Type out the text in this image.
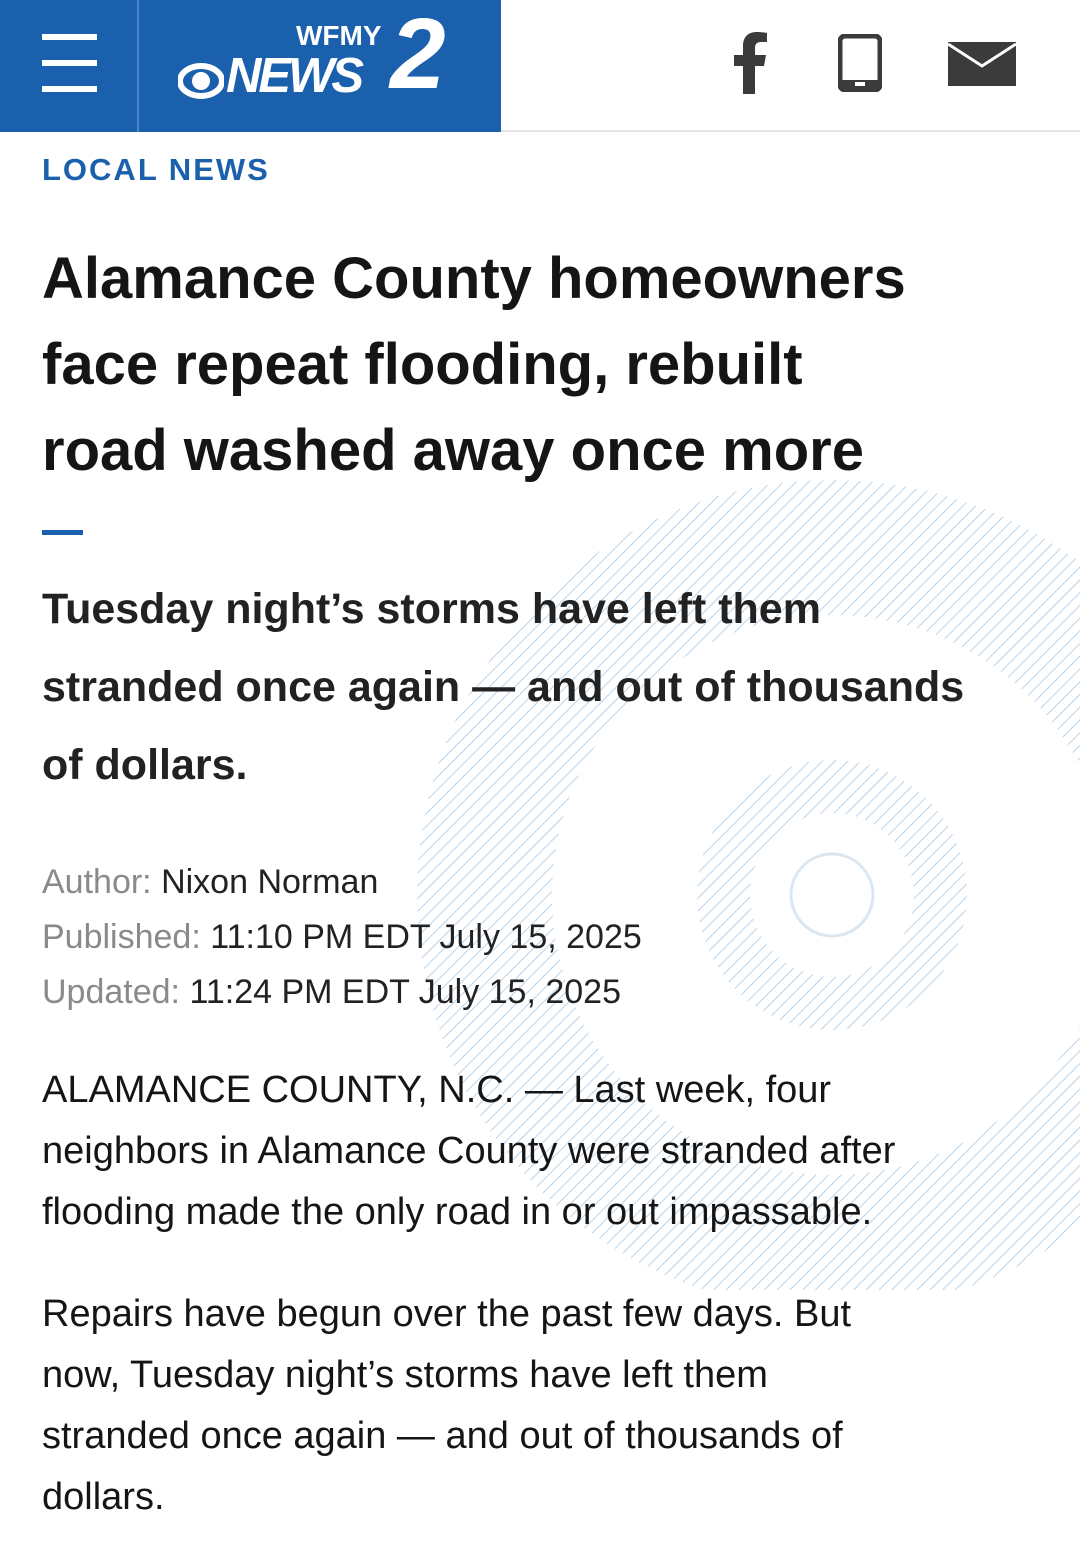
WFMY
NEWS 2
LOCAL NEWS
Alamance County homeowners
face repeat flooding, rebuilt
road washed away once more
Tuesday night’s storms have left them
stranded once again — and out of thousands
of dollars.
Author: Nixon Norman
Published: 11:10 PM EDT July 15, 2025
Updated: 11:24 PM EDT July 15, 2025

ALAMANCE COUNTY, N.C. — Last week, four
neighbors in Alamance County were stranded after
flooding made the only road in or out impassable.

Repairs have begun over the past few days. But
now, Tuesday night’s storms have left them
stranded once again — and out of thousands of
dollars.
